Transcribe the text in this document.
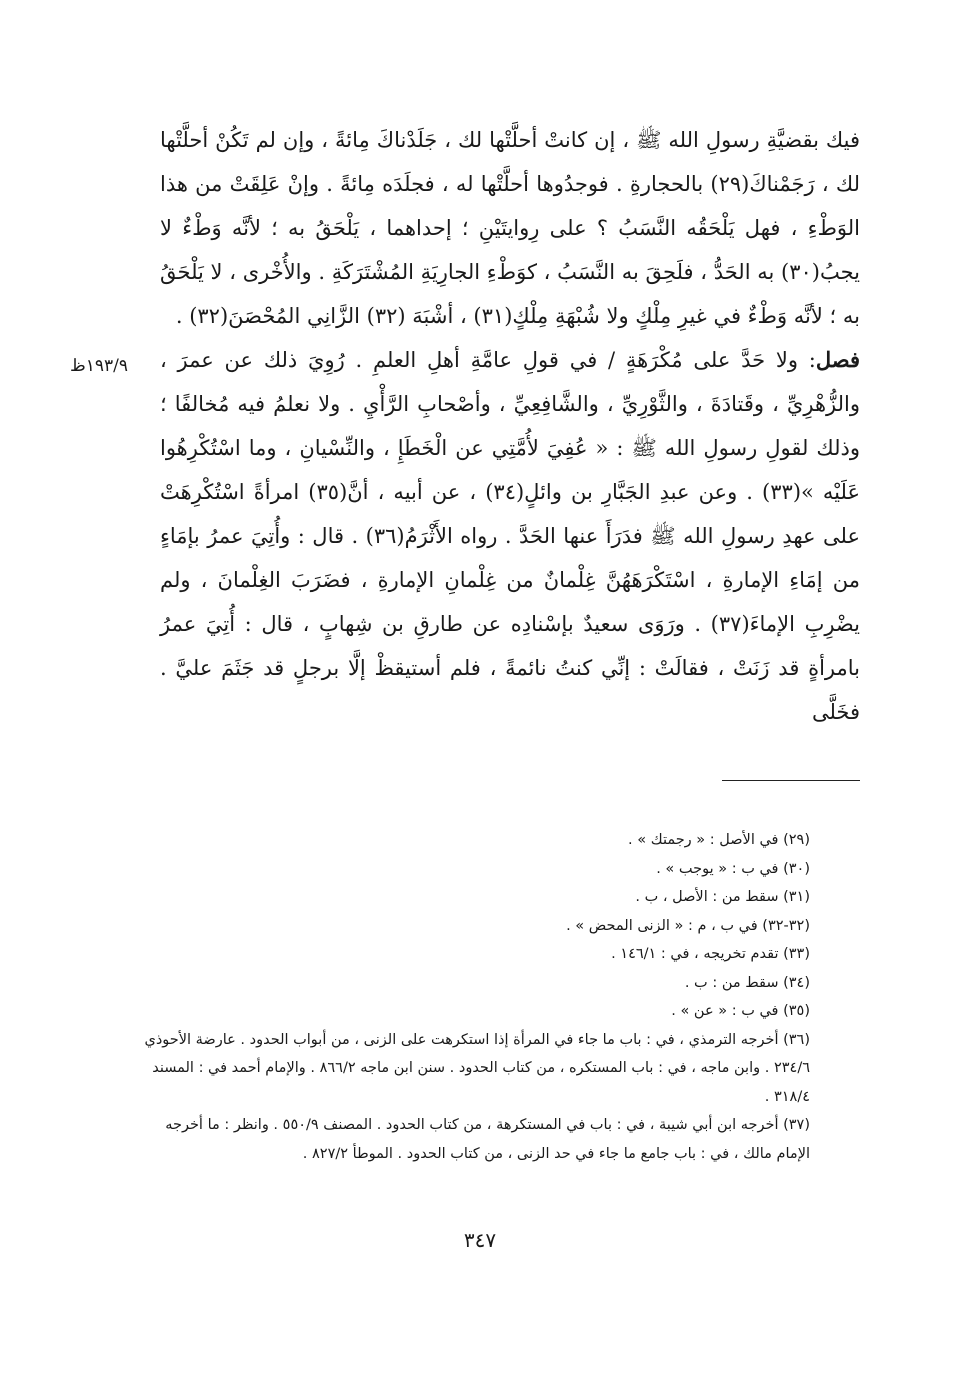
فيك بقضيَّةِ رسولِ الله ﷺ ، إن كانتْ أحلَّتْها لك ، جَلَدْناكَ مِائةً ، وإن لم تَكُنْ أحلَّتْها لك ، رَجَمْناكَ(٢٩) بالحجارةِ . فوجدُوها أحلَّتْها له ، فجلَدَه مِائةً . وإنْ عَلِقَتْ من هذا الوَطْءِ ، فهل يَلْحَقُه النَّسَبُ ؟ على رِوايتَيْنِ ؛ إحداهما ، يَلْحَقُ به ؛ لأنَّه وَطْءٌ لا يجبُ(٣٠) به الحَدُّ ، فلَحِقَ به النَّسَبُ ، كوَطْءِ الجارِيَةِ المُشْتَرَكَةِ . والأُخْرى ، لا يَلْحَقُ به ؛ لأنَّه وَطْءٌ في غيرِ مِلْكٍ ولا شُبْهَةِ مِلْكٍ(٣١) ، أشْبَهَ (٣٢) الزَّانِي المُحْصَنَ(٣٢) .

فصل: ولا حَدَّ على مُكْرَهَةٍ / في قولِ عامَّةِ أهلِ العلمِ . رُوِيَ ذلك عن عمرَ ، والزُّهْرِيِّ ، وقَتادَةَ ، والثَّوْرِيِّ ، والشَّافِعِيِّ ، وأصْحابِ الرَّأْيِ . ولا نعلمُ فيه مُخالفًا ؛ وذلك لقولِ رسولِ الله ﷺ : « عُفِيَ لأُمَّتِي عن الْخَطَإِ ، والنِّسْيانِ ، وما اسْتُكْرِهُوا عَلَيْه »(٣٣) . وعن عبدِ الجَبَّارِ بن وائلٍ(٣٤) ، عن أبيه ، أنَّ(٣٥) امرأةً اسْتُكْرِهَتْ على عهدِ رسولِ الله ﷺ فدَرَأَ عنها الحَدَّ . رواه الأَثْرَمُ(٣٦) . قال : وأُتِيَ عمرُ بإمَاءٍ من إمَاءِ الإمارةِ ، اسْتَكْرَهَهُنَّ غِلْمانٌ من غِلْمانِ الإمارةِ ، فضَرَبَ الغِلْمانَ ، ولم يضْرِبِ الإماءَ(٣٧) . ورَوَى سعيدٌ بإسْنادِه عن طارقِ بن شِهابٍ ، قال : أُتِيَ عمرُ بامرأةٍ قد زَنَتْ ، فقالَتْ : إنِّي كنتُ نائمةً ، فلم أستيقظْ إلَّا برجلٍ قد جَثَمَ عليَّ . فخَلَّى

١٩٣/٩ظ

(٢٩) في الأصل : « رجمتك » .

(٣٠) في ب : « يوجب » .

(٣١) سقط من : الأصل ، ب .

(٣٢-٣٢) في ب ، م : « الزنى المحض » .

(٣٣) تقدم تخريجه ، في : ١٤٦/١ .

(٣٤) سقط من : ب .

(٣٥) في ب : « عن » .

(٣٦) أخرجه الترمذي ، في : باب ما جاء في المرأة إذا استكرهت على الزنى ، من أبواب الحدود . عارضة الأحوذي ٢٣٤/٦ . وابن ماجه ، في : باب المستكره ، من كتاب الحدود . سنن ابن ماجه ٨٦٦/٢ . والإمام أحمد في : المسند ٣١٨/٤ .

(٣٧) أخرجه ابن أبي شيبة ، في : باب في المستكرهة ، من كتاب الحدود . المصنف ٥٥٠/٩ . وانظر : ما أخرجه الإمام مالك ، في : باب جامع ما جاء في حد الزنى ، من كتاب الحدود . الموطأ ٨٢٧/٢ .

٣٤٧
